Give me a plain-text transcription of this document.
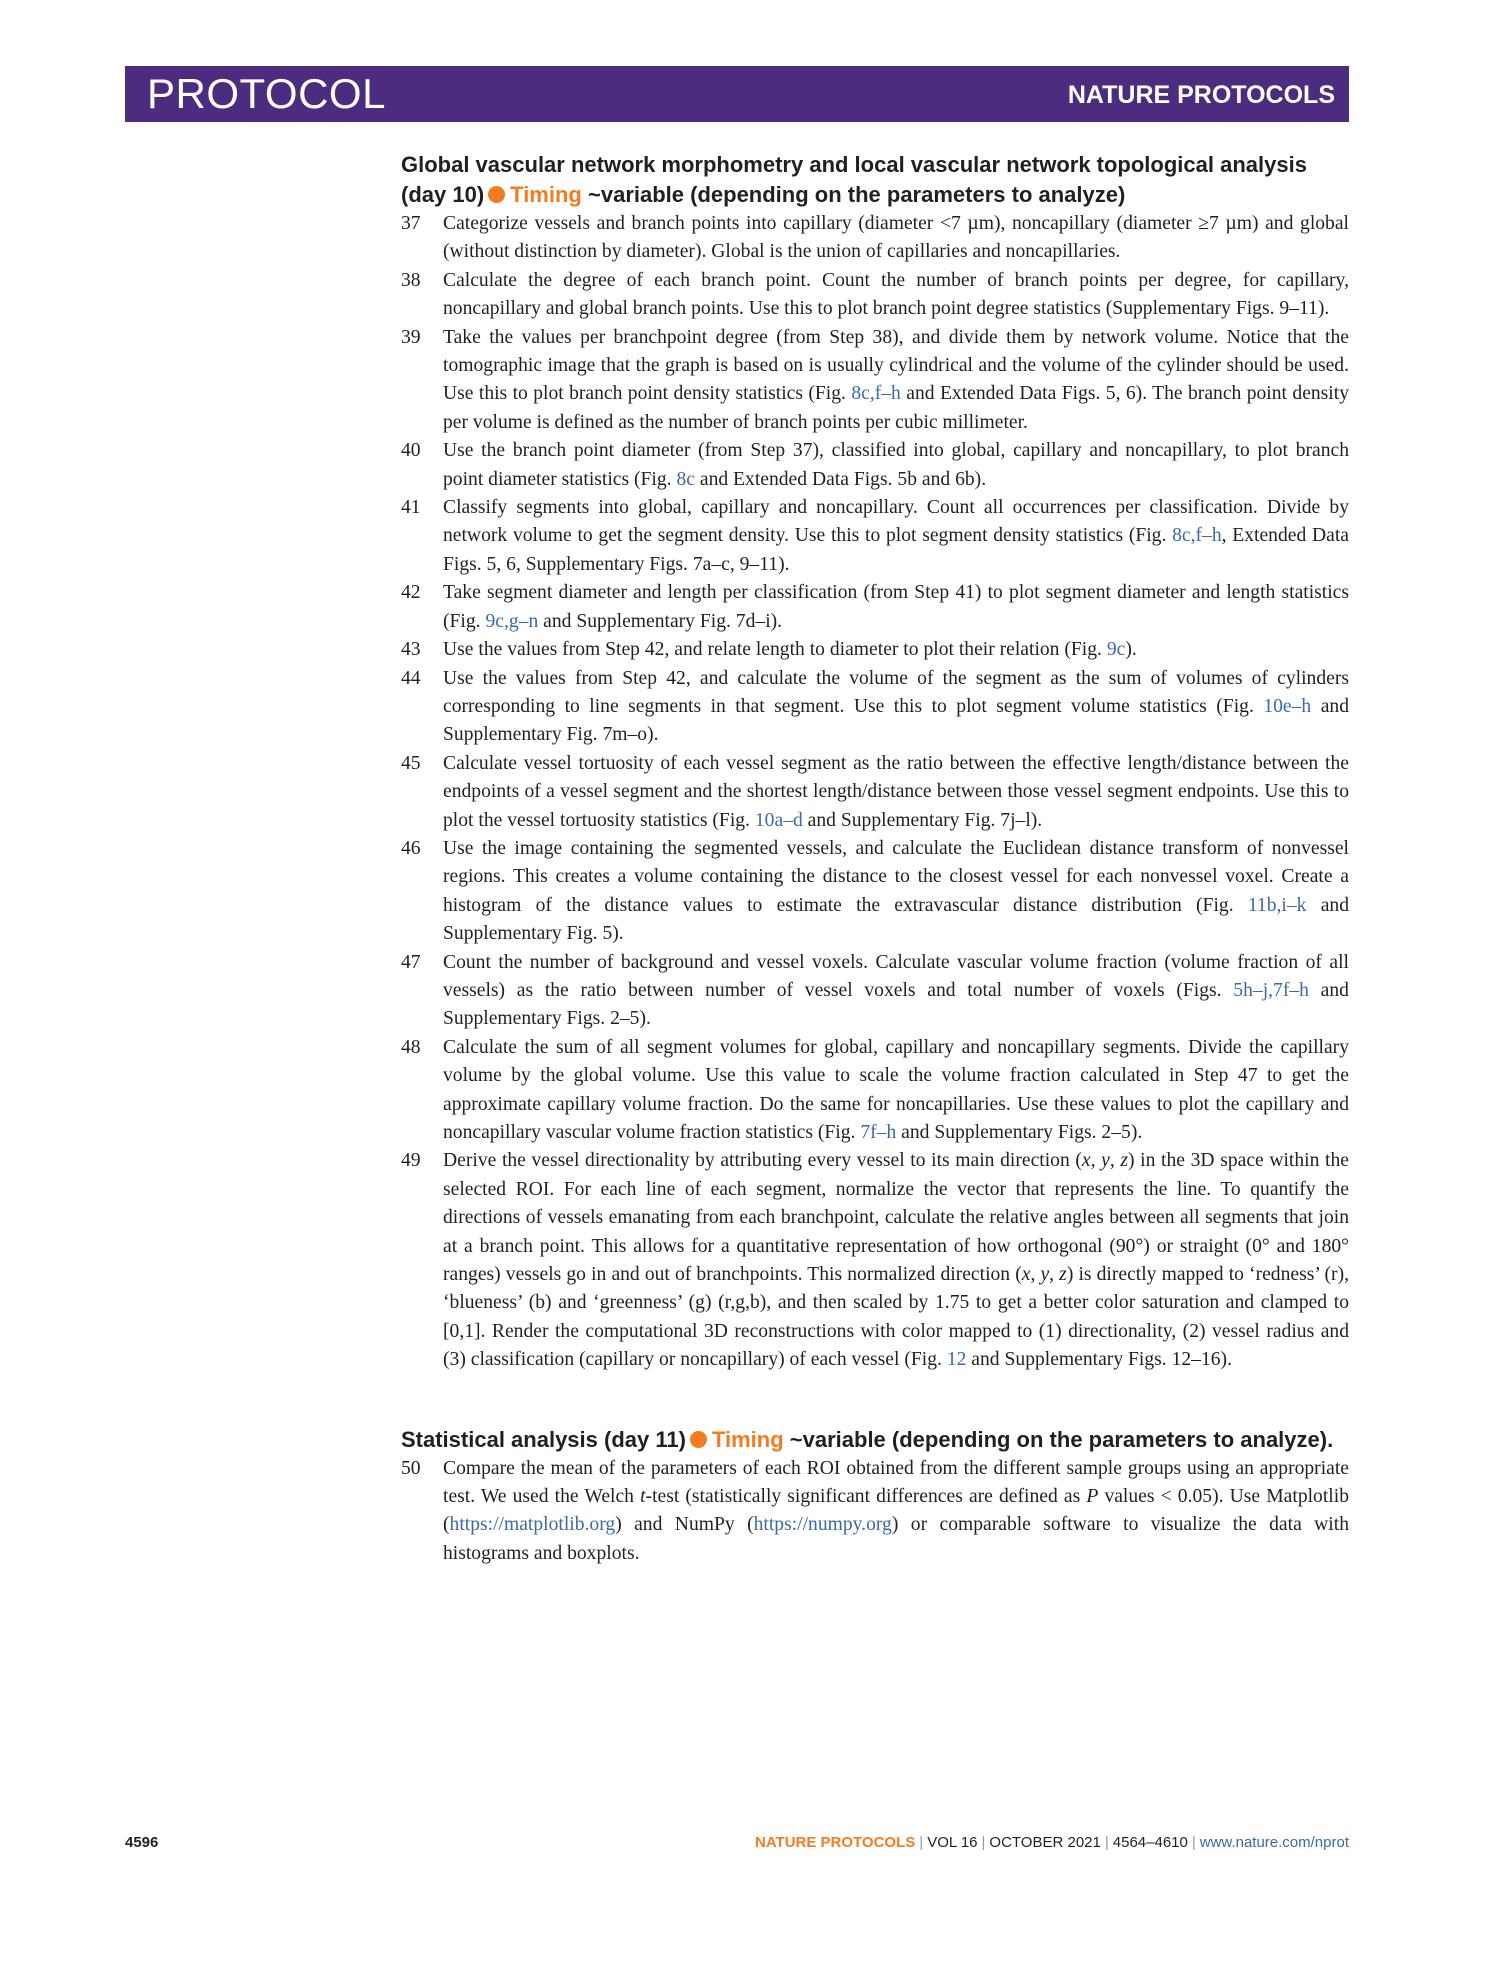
PROTOCOL	NATURE PROTOCOLS
Global vascular network morphometry and local vascular network topological analysis
(day 10) Timing ~variable (depending on the parameters to analyze)
37 Categorize vessels and branch points into capillary (diameter <7 µm), noncapillary (diameter ≥7 µm) and global (without distinction by diameter). Global is the union of capillaries and noncapillaries.
38 Calculate the degree of each branch point. Count the number of branch points per degree, for capillary, noncapillary and global branch points. Use this to plot branch point degree statistics (Supplementary Figs. 9–11).
39 Take the values per branchpoint degree (from Step 38), and divide them by network volume. Notice that the tomographic image that the graph is based on is usually cylindrical and the volume of the cylinder should be used. Use this to plot branch point density statistics (Fig. 8c,f–h and Extended Data Figs. 5, 6). The branch point density per volume is defined as the number of branch points per cubic millimeter.
40 Use the branch point diameter (from Step 37), classified into global, capillary and noncapillary, to plot branch point diameter statistics (Fig. 8c and Extended Data Figs. 5b and 6b).
41 Classify segments into global, capillary and noncapillary. Count all occurrences per classification. Divide by network volume to get the segment density. Use this to plot segment density statistics (Fig. 8c,f–h, Extended Data Figs. 5, 6, Supplementary Figs. 7a–c, 9–11).
42 Take segment diameter and length per classification (from Step 41) to plot segment diameter and length statistics (Fig. 9c,g–n and Supplementary Fig. 7d–i).
43 Use the values from Step 42, and relate length to diameter to plot their relation (Fig. 9c).
44 Use the values from Step 42, and calculate the volume of the segment as the sum of volumes of cylinders corresponding to line segments in that segment. Use this to plot segment volume statistics (Fig. 10e–h and Supplementary Fig. 7m–o).
45 Calculate vessel tortuosity of each vessel segment as the ratio between the effective length/distance between the endpoints of a vessel segment and the shortest length/distance between those vessel segment endpoints. Use this to plot the vessel tortuosity statistics (Fig. 10a–d and Supplementary Fig. 7j–l).
46 Use the image containing the segmented vessels, and calculate the Euclidean distance transform of nonvessel regions. This creates a volume containing the distance to the closest vessel for each nonvessel voxel. Create a histogram of the distance values to estimate the extravascular distance distribution (Fig. 11b,i–k and Supplementary Fig. 5).
47 Count the number of background and vessel voxels. Calculate vascular volume fraction (volume fraction of all vessels) as the ratio between number of vessel voxels and total number of voxels (Figs. 5h–j,7f–h and Supplementary Figs. 2–5).
48 Calculate the sum of all segment volumes for global, capillary and noncapillary segments. Divide the capillary volume by the global volume. Use this value to scale the volume fraction calculated in Step 47 to get the approximate capillary volume fraction. Do the same for noncapillaries. Use these values to plot the capillary and noncapillary vascular volume fraction statistics (Fig. 7f–h and Supplementary Figs. 2–5).
49 Derive the vessel directionality by attributing every vessel to its main direction (x, y, z) in the 3D space within the selected ROI. For each line of each segment, normalize the vector that represents the line. To quantify the directions of vessels emanating from each branchpoint, calculate the relative angles between all segments that join at a branch point. This allows for a quantitative representation of how orthogonal (90°) or straight (0° and 180° ranges) vessels go in and out of branchpoints. This normalized direction (x, y, z) is directly mapped to ‘redness’ (r), ‘blueness’ (b) and ‘greenness’ (g) (r,g,b), and then scaled by 1.75 to get a better color saturation and clamped to [0,1]. Render the computational 3D reconstructions with color mapped to (1) directionality, (2) vessel radius and (3) classification (capillary or noncapillary) of each vessel (Fig. 12 and Supplementary Figs. 12–16).
Statistical analysis (day 11) Timing ~variable (depending on the parameters to analyze).
50 Compare the mean of the parameters of each ROI obtained from the different sample groups using an appropriate test. We used the Welch t-test (statistically significant differences are defined as P values < 0.05). Use Matplotlib (https://matplotlib.org) and NumPy (https://numpy.org) or comparable software to visualize the data with histograms and boxplots.
4596	NATURE PROTOCOLS | VOL 16 | OCTOBER 2021 | 4564–4610 | www.nature.com/nprot
